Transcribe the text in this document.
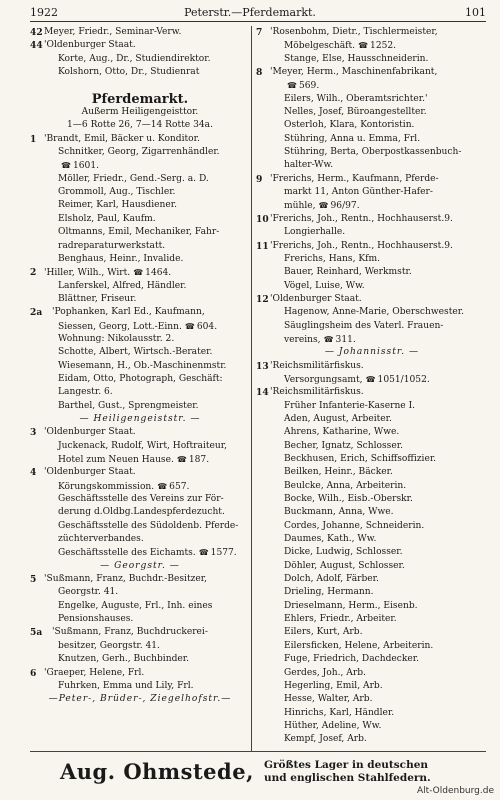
1922	Peterstr.—Pferdemarkt.	101
42 Meyer, Friedr., Seminar-Verw.
44 'Oldenburger Staat.
Korte, Aug., Dr., Studiendirektor.
Kolshorn, Otto, Dr., Studienrat
Pferdemarkt.
Außerm Heiligengeisttor.
1—6 Rotte 26, 7—14 Rotte 34a.
1 'Brandt, Emil, Bäcker u. Konditor.
Schnitker, Georg, Zigarrenhändler.
☎ 1601.
Möller, Friedr., Gend.-Serg. a. D.
Grommoll, Aug., Tischler.
Reimer, Karl, Hausdiener.
Elsholz, Paul, Kaufm.
Oltmanns, Emil, Mechaniker, Fahr-
radreparaturwerkstatt.
Benghaus, Heinr., Invalide.
2 'Hiller, Wilh., Wirt. ☎ 1464.
Lanferskel, Alfred, Händler.
Blättner, Friseur.
2a 'Pophanken, Karl Ed., Kaufmann,
Siessen, Georg, Lott.-Einn. ☎ 604.
Wohnung: Nikolausstr. 2.
Schotte, Albert, Wirtsch.-Berater.
Wiesemann, H., Ob.-Maschinenmstr.
Eidam, Otto, Photograph, Geschäft:
Langestr. 6.
Barthel, Gust., Sprengmeister.
— Heiligengeiststr. —
3 'Oldenburger Staat.
Juckenack, Rudolf, Wirt, Hoftraiteur,
Hotel zum Neuen Hause. ☎ 187.
4 'Oldenburger Staat.
Körungskommission. ☎ 657.
Geschäftsstelle des Vereins zur För-
derung d.Oldbg.Landespferdezucht.
Geschäftsstelle des Südoldenb. Pferde-
züchterverbandes.
Geschäftsstelle des Eichamts. ☎ 1577.
— Georgstr. —
5 'Sußmann, Franz, Buchdr.-Besitzer,
Georgstr. 41.
Engelke, Auguste, Frl., Inh. eines
Pensionshauses.
5a 'Sußmann, Franz, Buchdruckerei-
besitzer, Georgstr. 41.
Knutzen, Gerh., Buchbinder.
6 'Graeper, Helene, Frl.
Fuhrken, Emma und Lily, Frl.
—Peter-, Brüder-, Ziegelhofstr.—
7 'Rosenbohm, Dietr., Tischlermeister,
Möbelgeschäft. ☎ 1252.
Stange, Else, Hausschneiderin.
8 'Meyer, Herm., Maschinenfabrikant,
☎ 569.
Eilers, Wilh., Oberamtsrichter.'
Nelles, Josef, Büroangestellter.
Osterloh, Klara, Kontoristin.
Stühring, Anna u. Emma, Frl.
Stühring, Berta, Oberpostkassenbuch-
halter-Ww.
9 'Frerichs, Herm., Kaufmann, Pferde-
markt 11, Anton Günther-Hafer-
mühle, ☎ 96/97.
10 'Frerichs, Joh., Rentn., Hochhauserst.9.
Longierhalle.
11 'Frerichs, Joh., Rentn., Hochhauserst.9.
Frerichs, Hans, Kfm.
Bauer, Reinhard, Werkmstr.
Vögel, Luise, Ww.
12 'Oldenburger Staat.
Hagenow, Anne-Marie, Oberschwester.
Säuglingsheim des Vaterl. Frauen-
vereins, ☎ 311.
— Johannisstr. —
13 'Reichsmilitärfiskus.
Versorgungsamt, ☎ 1051/1052.
14 'Reichsmilitärfiskus.
Früher Infanterie-Kaserne I.
Aden, August, Arbeiter.
Ahrens, Katharine, Wwe.
Becher, Ignatz, Schlosser.
Beckhusen, Erich, Schiffsoffizier.
Beilken, Heinr., Bäcker.
Beulcke, Anna, Arbeiterin.
Bocke, Wilh., Eisb.-Oberskr.
Buckmann, Anna, Wwe.
Cordes, Johanne, Schneiderin.
Daumes, Kath., Ww.
Dicke, Ludwig, Schlosser.
Döhler, August, Schlosser.
Dolch, Adolf, Färber.
Drieling, Hermann.
Drieselmann, Herm., Eisenb.
Ehlers, Friedr., Arbeiter.
Eilers, Kurt, Arb.
Eilersficken, Helene, Arbeiterin.
Fuge, Friedrich, Dachdecker.
Gerdes, Joh., Arb.
Hegerling, Emil, Arb.
Hesse, Walter, Arb.
Hinrichs, Karl, Händler.
Hüther, Adeline, Ww.
Kempf, Josef, Arb.
Aug. Ohmstede, Größtes Lager in deutschen
und englischen Stahlfedern.
Alt-Oldenburg.de
